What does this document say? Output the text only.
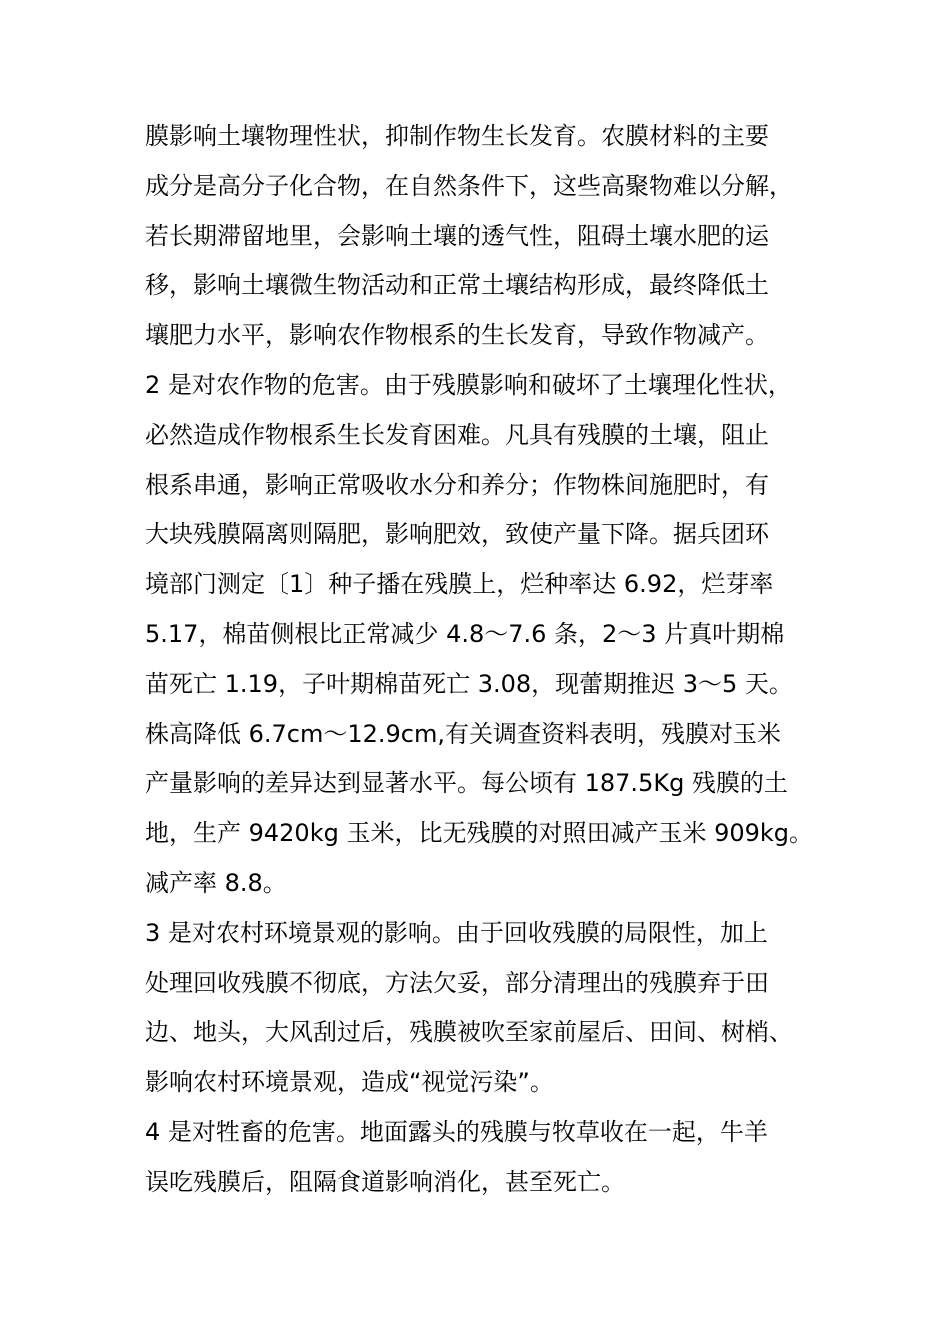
膜影响土壤物理性状，抑制作物生长发育。农膜材料的主要
成分是高分子化合物，在自然条件下，这些高聚物难以分解，
若长期滞留地里，会影响土壤的透气性，阻碍土壤水肥的运
移，影响土壤微生物活动和正常土壤结构形成，最终降低土
壤肥力水平，影响农作物根系的生长发育，导致作物减产。
2 是对农作物的危害。由于残膜影响和破坏了土壤理化性状，
必然造成作物根系生长发育困难。凡具有残膜的土壤，阻止
根系串通，影响正常吸收水分和养分；作物株间施肥时，有
大块残膜隔离则隔肥，影响肥效，致使产量下降。据兵团环
境部门测定〔1〕种子播在残膜上，烂种率达 6.92，烂芽率
5.17，棉苗侧根比正常减少 4.8～7.6 条，2～3 片真叶期棉
苗死亡 1.19，子叶期棉苗死亡 3.08，现蕾期推迟 3～5 天。
株高降低 6.7cm～12.9cm,有关调查资料表明，残膜对玉米
产量影响的差异达到显著水平。每公顷有 187.5Kg 残膜的土
地，生产 9420kg 玉米，比无残膜的对照田减产玉米 909kg。
减产率 8.8。
3 是对农村环境景观的影响。由于回收残膜的局限性，加上
处理回收残膜不彻底，方法欠妥，部分清理出的残膜弃于田
边、地头，大风刮过后，残膜被吹至家前屋后、田间、树梢、
影响农村环境景观，造成“视觉污染”。
4 是对牲畜的危害。地面露头的残膜与牧草收在一起，牛羊
误吃残膜后，阻隔食道影响消化，甚至死亡。
